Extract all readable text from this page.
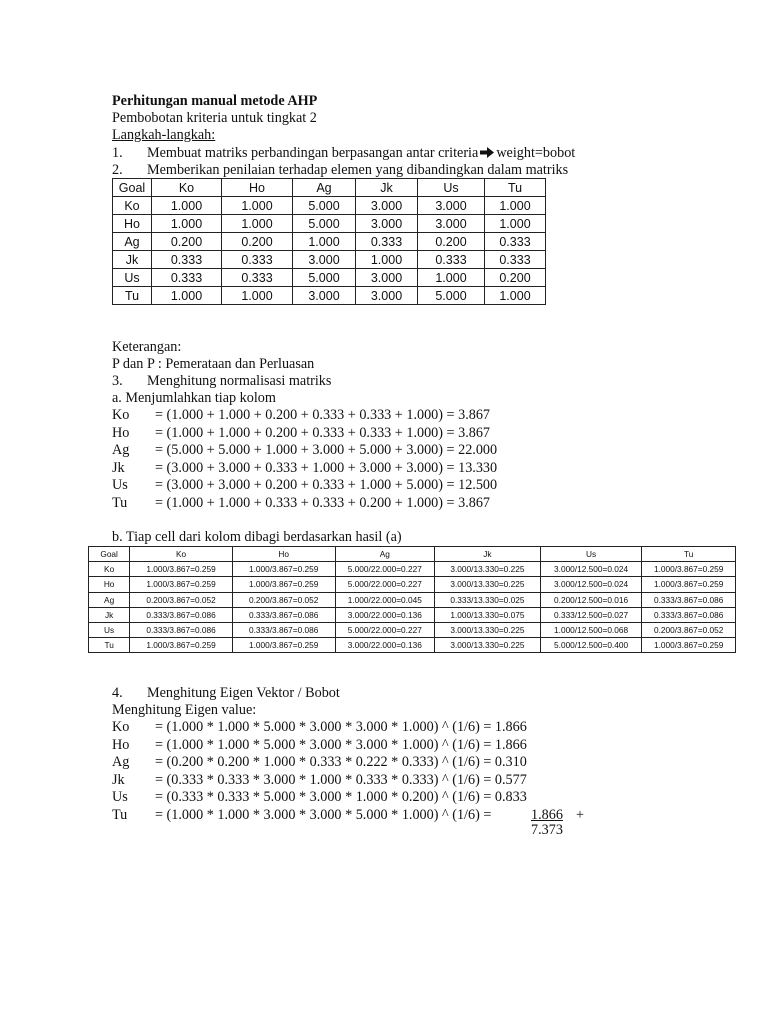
Perhitungan manual metode AHP
Pembobotan kriteria untuk tingkat 2
Langkah-langkah:
1. Membuat matriks perbandingan berpasangan antar criteria weight=bobot
2. Memberikan penilaian terhadap elemen yang dibandingkan dalam matriks
Keterangan:
P dan P : Pemerataan dan Perluasan
3. Menghitung normalisasi matriks
a. Menjumlahkan tiap kolom
Ko = (1.000 + 1.000 + 0.200 + 0.333 + 0.333 + 1.000) = 3.867
Ho = (1.000 + 1.000 + 0.200 + 0.333 + 0.333 + 1.000) = 3.867
Ag = (5.000 + 5.000 + 1.000 + 3.000 + 5.000 + 3.000) = 22.000
Jk = (3.000 + 3.000 + 0.333 + 1.000 + 3.000 + 3.000) = 13.330
Us = (3.000 + 3.000 + 0.200 + 0.333 + 1.000 + 5.000) = 12.500
Tu = (1.000 + 1.000 + 0.333 + 0.333 + 0.200 + 1.000) = 3.867
b. Tiap cell dari kolom dibagi berdasarkan hasil (a)
4. Menghitung Eigen Vektor / Bobot
Menghitung Eigen value:
Ko = (1.000 * 1.000 * 5.000 * 3.000 * 3.000 * 1.000) ^ (1/6) = 1.866
Ho = (1.000 * 1.000 * 5.000 * 3.000 * 3.000 * 1.000) ^ (1/6) = 1.866
Ag = (0.200 * 0.200 * 1.000 * 0.333 * 0.222 * 0.333) ^ (1/6) = 0.310
Jk = (0.333 * 0.333 * 3.000 * 1.000 * 0.333 * 0.333) ^ (1/6) = 0.577
Us = (0.333 * 0.333 * 5.000 * 3.000 * 1.000 * 0.200) ^ (1/6) = 0.833
Tu = (1.000 * 1.000 * 3.000 * 3.000 * 5.000 * 1.000) ^ (1/6) =	1.866 +
7.373
Goal	Ko	Ho	Ag	Jk	Us	Tu
Ko	1.000	1.000	5.000	3.000	3.000	1.000
Ho	1.000	1.000	5.000	3.000	3.000	1.000
Ag	0.200	0.200	1.000	0.333	0.200	0.333
Jk	0.333	0.333	3.000	1.000	0.333	0.333
Us	0.333	0.333	5.000	3.000	1.000	0.200
Tu	1.000	1.000	3.000	3.000	5.000	1.000
Goal	Ko	Ho	Ag	Jk	Us	Tu
Ko	1.000/3.867=0.259	1.000/3.867=0.259	5.000/22.000=0.227	3.000/13.330=0.225	3.000/12.500=0.024	1.000/3.867=0.259
Ho	1.000/3.867=0.259	1.000/3.867=0.259	5.000/22.000=0.227	3.000/13.330=0.225	3.000/12.500=0.024	1.000/3.867=0.259
Ag	0.200/3.867=0.052	0.200/3.867=0.052	1.000/22.000=0.045	0.333/13.330=0.025	0.200/12.500=0.016	0.333/3.867=0.086
Jk	0.333/3.867=0.086	0.333/3.867=0.086	3.000/22.000=0.136	1.000/13.330=0.075	0.333/12.500=0.027	0.333/3.867=0.086
Us	0.333/3.867=0.086	0.333/3.867=0.086	5.000/22.000=0.227	3.000/13.330=0.225	1.000/12.500=0.068	0.200/3.867=0.052
Tu	1.000/3.867=0.259	1.000/3.867=0.259	3.000/22.000=0.136	3.000/13.330=0.225	5.000/12.500=0.400	1.000/3.867=0.259
